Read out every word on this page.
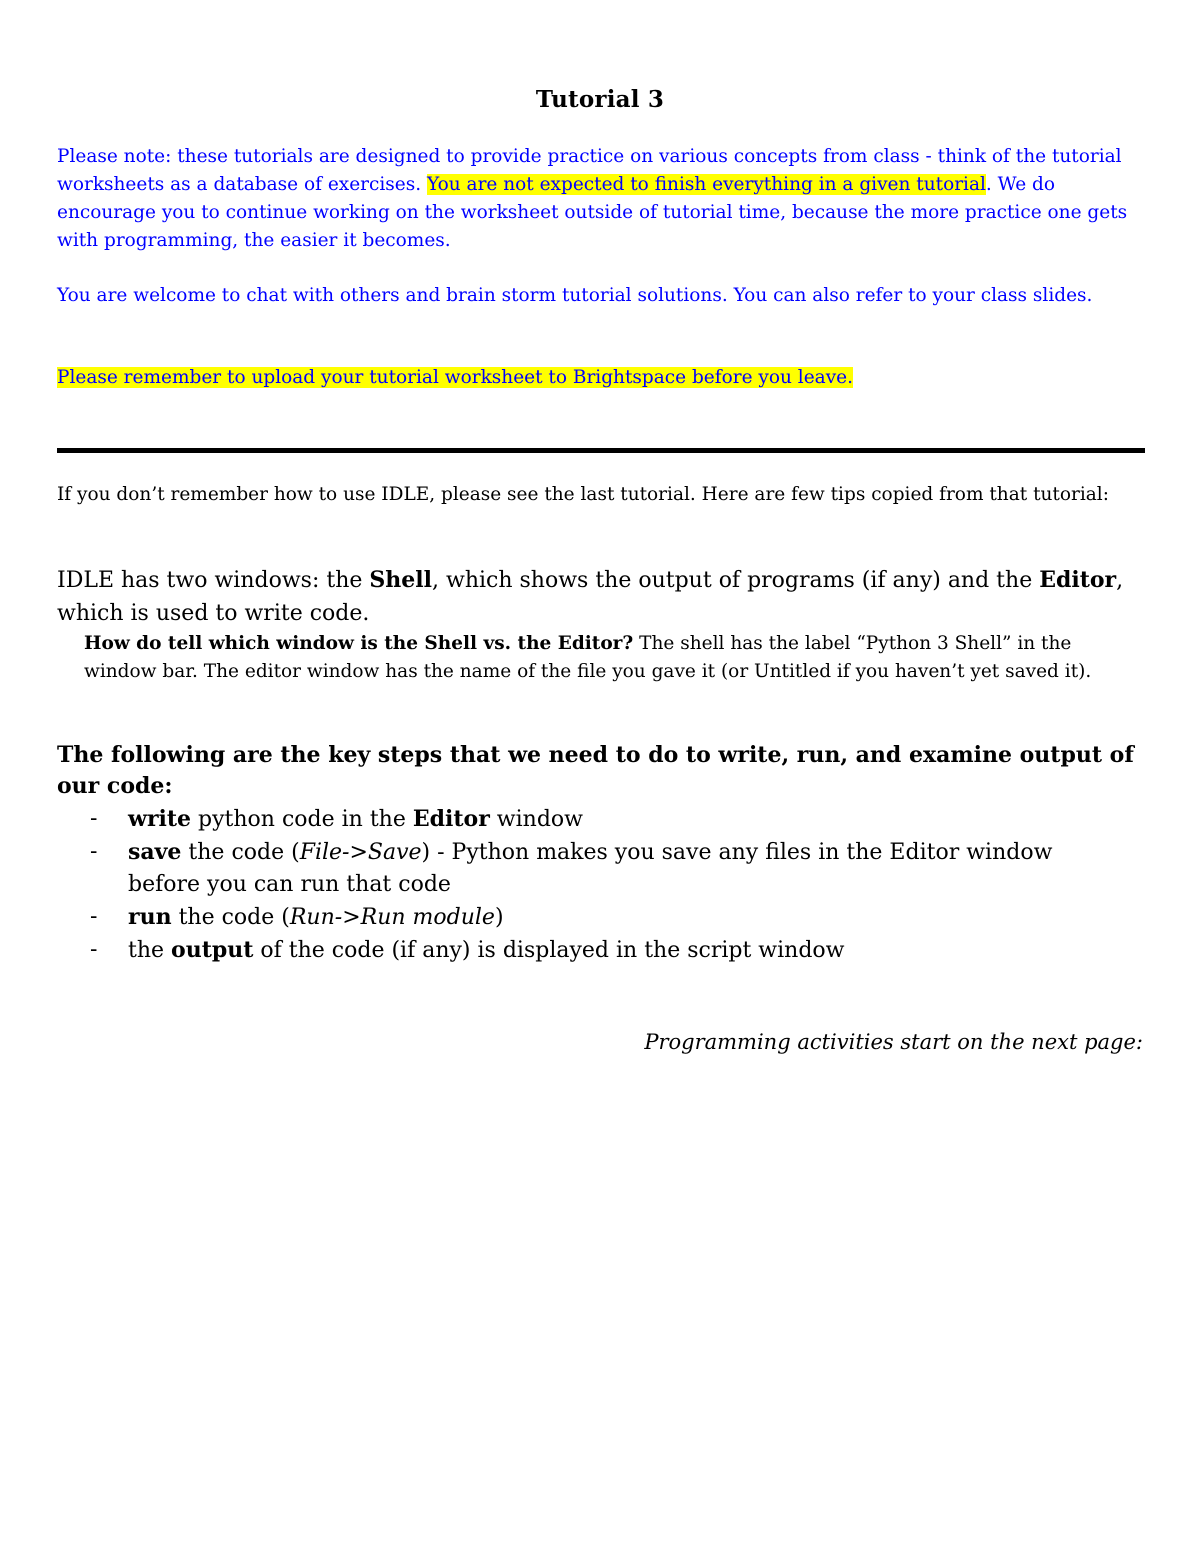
Tutorial 3
Please note: these tutorials are designed to provide practice on various concepts from class - think of the tutorial worksheets as a database of exercises. You are not expected to finish everything in a given tutorial. We do encourage you to continue working on the worksheet outside of tutorial time, because the more practice one gets with programming, the easier it becomes.
You are welcome to chat with others and brain storm tutorial solutions. You can also refer to your class slides.
Please remember to upload your tutorial worksheet to Brightspace before you leave.
If you don’t remember how to use IDLE, please see the last tutorial. Here are few tips copied from that tutorial:
IDLE has two windows: the Shell, which shows the output of programs (if any) and the Editor, which is used to write code.
How do tell which window is the Shell vs. the Editor? The shell has the label “Python 3 Shell” in the window bar. The editor window has the name of the file you gave it (or Untitled if you haven’t yet saved it).
The following are the key steps that we need to do to write, run, and examine output of our code:
- write python code in the Editor window
- save the code (File->Save) - Python makes you save any files in the Editor window before you can run that code
- run the code (Run->Run module)
- the output of the code (if any) is displayed in the script window
Programming activities start on the next page:
